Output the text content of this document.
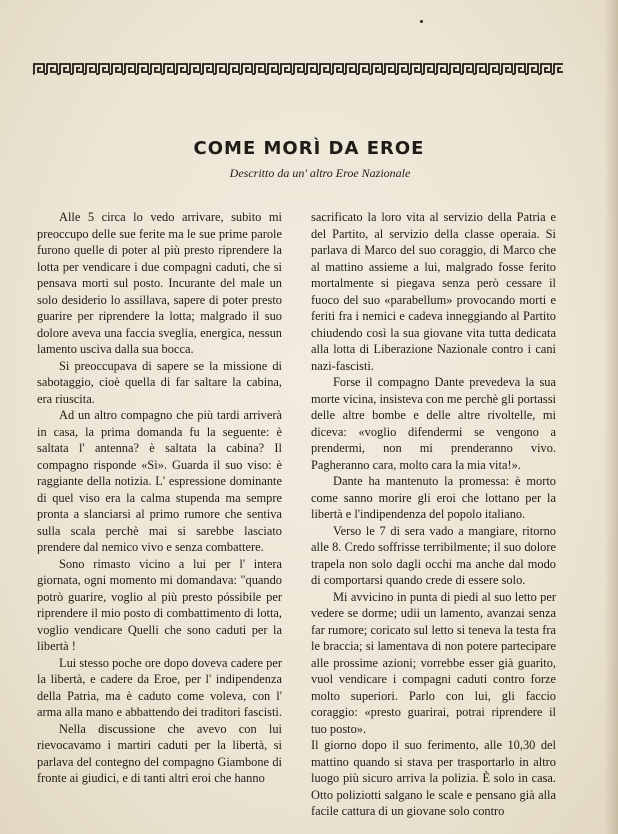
COME MORÌ DA EROE
Descritto da un' altro Eroe Nazionale

Alle 5 circa lo vedo arrivare, subito mi preoccupo delle sue ferite ma le sue prime parole furono quelle di poter al più presto riprendere la lotta per vendicare i due compagni caduti, che si pensava morti sul posto. Incurante del male un solo desiderio lo assillava, sapere di poter presto guarire per riprendere la lotta; malgrado il suo dolore aveva una faccia sveglia, energica, nessun lamento usciva dalla sua bocca.

Si preoccupava di sapere se la missione di sabotaggio, cioè quella di far saltare la cabina, era riuscita.

Ad un altro compagno che più tardi arriverà in casa, la prima domanda fu la seguente: è saltata l' antenna? è saltata la cabina? Il compagno risponde «Sì». Guarda il suo viso: è raggiante della notizia. L' espressione dominante di quel viso era la calma stupenda ma sempre pronta a slanciarsi al primo rumore che sentiva sulla scala perchè mai si sarebbe lasciato prendere dal nemico vivo e senza combattere.

Sono rimasto vicino a lui per l' intera giornata, ogni momento mi domandava: "quando potrò guarire, voglio al più presto póssibile per riprendere il mio posto di combattimento di lotta, voglio vendicare Quelli che sono caduti per la libertà !

Lui stesso poche ore dopo doveva cadere per la libertà, e cadere da Eroe, per l' indipendenza della Patria, ma è caduto come voleva, con l' arma alla mano e abbattendo dei traditori fascisti.

Nella discussione che avevo con lui rievocavamo i martiri caduti per la libertà, si parlava del contegno del compagno Giambone di fronte ai giudici, e di tanti altri eroi che hanno

sacrificato la loro vita al servizio della Patria e del Partito, al servizio della classe operaia. Si parlava di Marco del suo coraggio, di Marco che al mattino assieme a lui, malgrado fosse ferito mortalmente si piegava senza però cessare il fuoco del suo «parabellum» provocando morti e feriti fra i nemici e cadeva inneggiando al Partito chiudendo così la sua giovane vita tutta dedicata alla lotta di Liberazione Nazionale contro i cani nazi-fascisti.

Forse il compagno Dante prevedeva la sua morte vicina, insisteva con me perchè gli portassi delle altre bombe e delle altre rivoltelle, mi diceva: «voglio difendermi se vengono a prendermi, non mi prenderanno vivo. Pagheranno cara, molto cara la mia vita!».

Dante ha mantenuto la promessa: è morto come sanno morire gli eroi che lottano per la libertà e l'indipendenza del popolo italiano.

Verso le 7 di sera vado a mangiare, ritorno alle 8. Credo soffrisse terribilmente; il suo dolore trapela non solo dagli occhi ma anche dal modo di comportarsi quando crede di essere solo.

Mi avvicino in punta di piedi al suo letto per vedere se dorme; udii un lamento, avanzai senza far rumore; coricato sul letto si teneva la testa fra le braccia; si lamentava di non potere partecipare alle prossime azioni; vorrebbe esser già guarito, vuol vendicare i compagni caduti contro forze molto superiori. Parlo con lui, gli faccio coraggio: «presto guarirai, potrai riprendere il tuo posto».

Il giorno dopo il suo ferimento, alle 10,30 del mattino quando si stava per trasportarlo in altro luogo più sicuro arriva la polizia. È solo in casa. Otto poliziotti salgano le scale e pensano già alla facile cattura di un giovane solo contro
